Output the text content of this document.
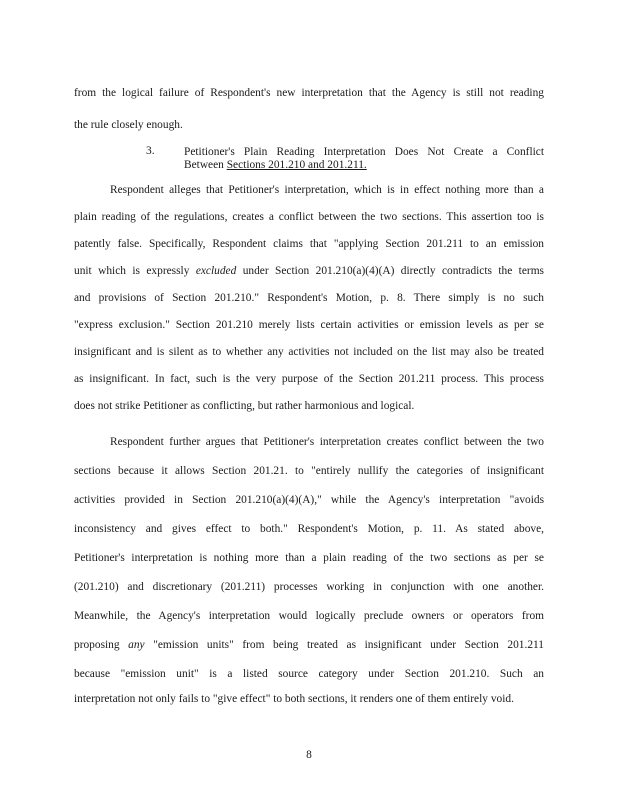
from the logical failure of Respondent's new interpretation that the Agency is still not reading
the rule closely enough.
3.	Petitioner's Plain Reading Interpretation Does Not Create a Conflict
Between Sections 201.210 and 201.211.
Respondent alleges that Petitioner's interpretation, which is in effect nothing more than a
plain reading of the regulations, creates a conflict between the two sections. This assertion too is
patently false. Specifically, Respondent claims that "applying Section 201.211 to an emission
unit which is expressly excluded under Section 201.210(a)(4)(A) directly contradicts the terms
and provisions of Section 201.210." Respondent's Motion, p. 8. There simply is no such
"express exclusion." Section 201.210 merely lists certain activities or emission levels as per se
insignificant and is silent as to whether any activities not included on the list may also be treated
as insignificant. In fact, such is the very purpose of the Section 201.211 process. This process
does not strike Petitioner as conflicting, but rather harmonious and logical.
Respondent further argues that Petitioner's interpretation creates conflict between the two
sections because it allows Section 201.21. to "entirely nullify the categories of insignificant
activities provided in Section 201.210(a)(4)(A)," while the Agency's interpretation "avoids
inconsistency and gives effect to both." Respondent's Motion, p. 11. As stated above,
Petitioner's interpretation is nothing more than a plain reading of the two sections as per se
(201.210) and discretionary (201.211) processes working in conjunction with one another.
Meanwhile, the Agency's interpretation would logically preclude owners or operators from
proposing any "emission units" from being treated as insignificant under Section 201.211
because "emission unit" is a listed source category under Section 201.210. Such an
8
interpretation not only fails to "give effect" to both sections, it renders one of them entirely void.
